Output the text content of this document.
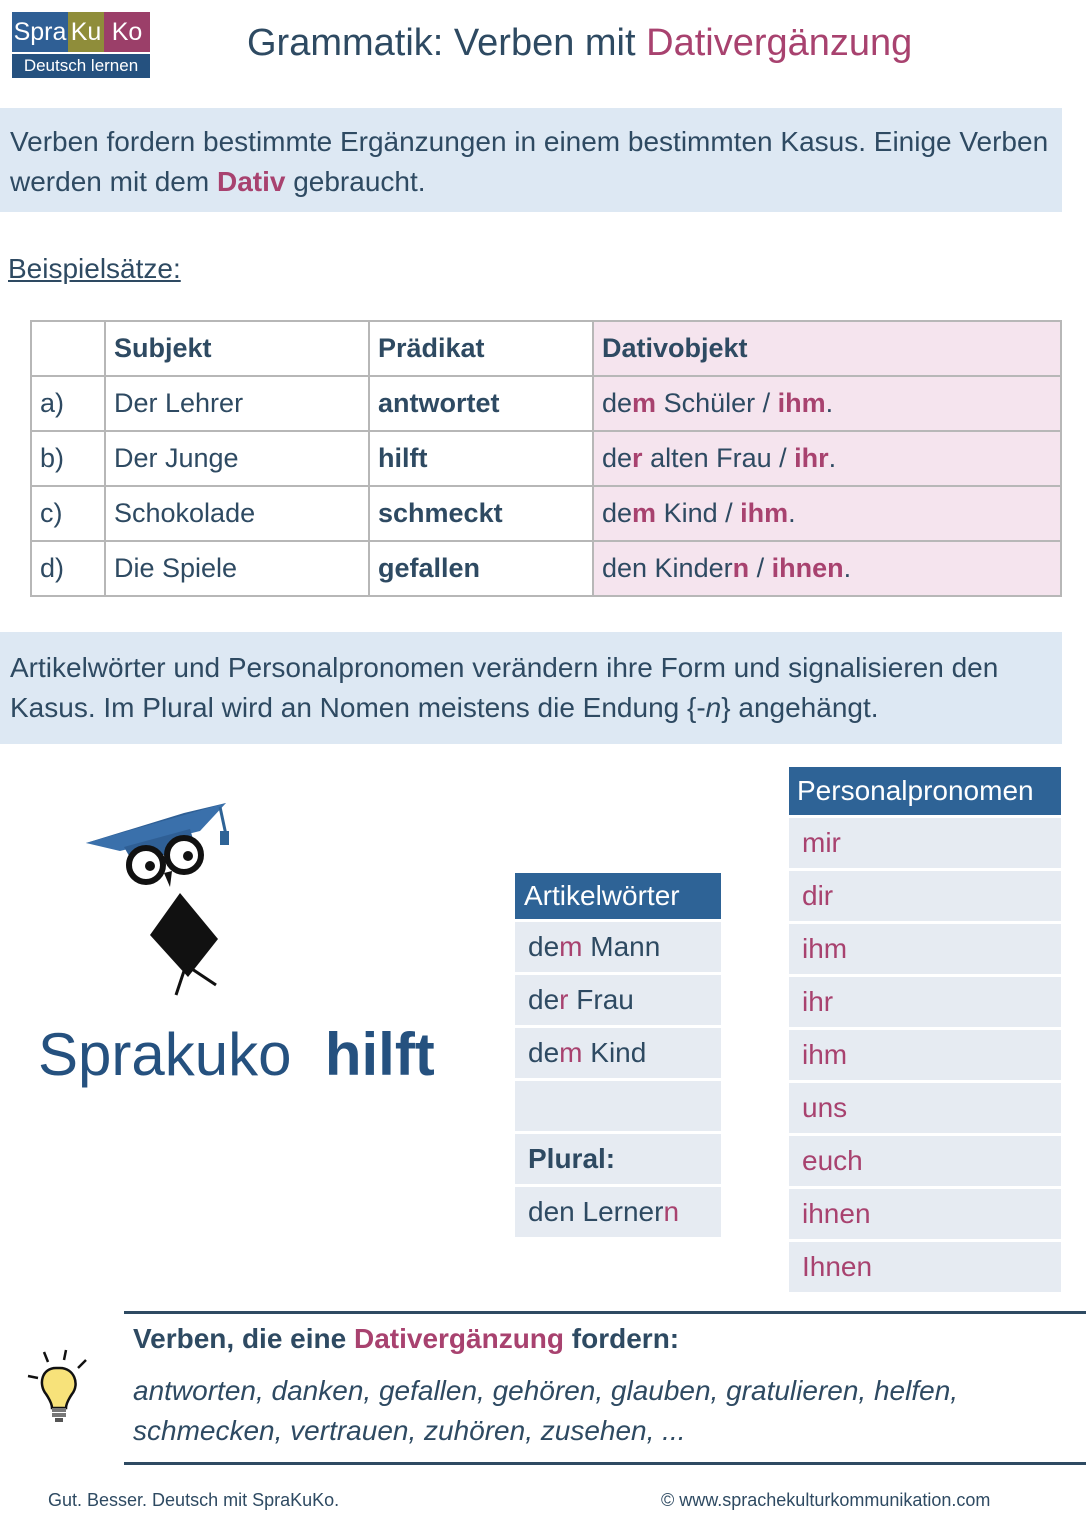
Spra Ku Ko
Deutsch lernen
Grammatik: Verben mit Dativergänzung
Verben fordern bestimmte Ergänzungen in einem bestimmten Kasus. Einige Verben werden mit dem Dativ gebraucht.
Beispielsätze:
	Subjekt	Prädikat	Dativobjekt
a)	Der Lehrer	antwortet	dem Schüler / ihm.
b)	Der Junge	hilft	der alten Frau / ihr.
c)	Schokolade	schmeckt	dem Kind / ihm.
d)	Die Spiele	gefallen	den Kindern / ihnen.
Artikelwörter und Personalpronomen verändern ihre Form und signalisieren den Kasus. Im Plural wird an Nomen meistens die Endung {-n} angehängt.
Sprakuko hilft
Artikelwörter
dem Mann
der Frau
dem Kind
Plural:
den Lernern
Personalpronomen
mir
dir
ihm
ihr
ihm
uns
euch
ihnen
Ihnen
Verben, die eine Dativergänzung fordern:
antworten, danken, gefallen, gehören, glauben, gratulieren, helfen, schmecken, vertrauen, zuhören, zusehen, ...
Gut. Besser. Deutsch mit SpraKuKo.	© www.sprachekulturkommunikation.com
